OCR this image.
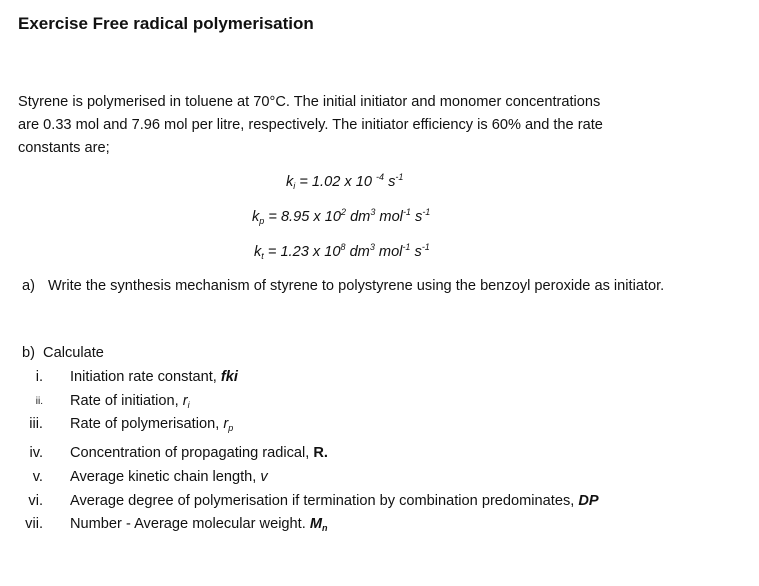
Exercise Free radical polymerisation
Styrene is polymerised in toluene at 70°C. The initial initiator and monomer concentrations
are 0.33 mol and 7.96 mol per litre, respectively. The initiator efficiency is 60% and the rate
constants are;
$k_i = 1.02$ x 10 $^{-4}$ $s^{-1}$
$k_p = 8.95$ x $10^2$ $dm^3$ mol$^{-1}$ $s^{-1}$
$k_t = 1.23$ x $10^8$ $dm^3$ mol$^{-1}$ $s^{-1}$
a) Write the synthesis mechanism of styrene to polystyrene using the benzoyl peroxide as initiator.
b) Calculate
i. Initiation rate constant, fki
ii. Rate of initiation, $r_i$
iii. Rate of polymerisation, $r_p$
iv. Concentration of propagating radical, R.
v. Average kinetic chain length, v
vi. Average degree of polymerisation if termination by combination predominates, DP
vii. Number - Average molecular weight. $M_n$
